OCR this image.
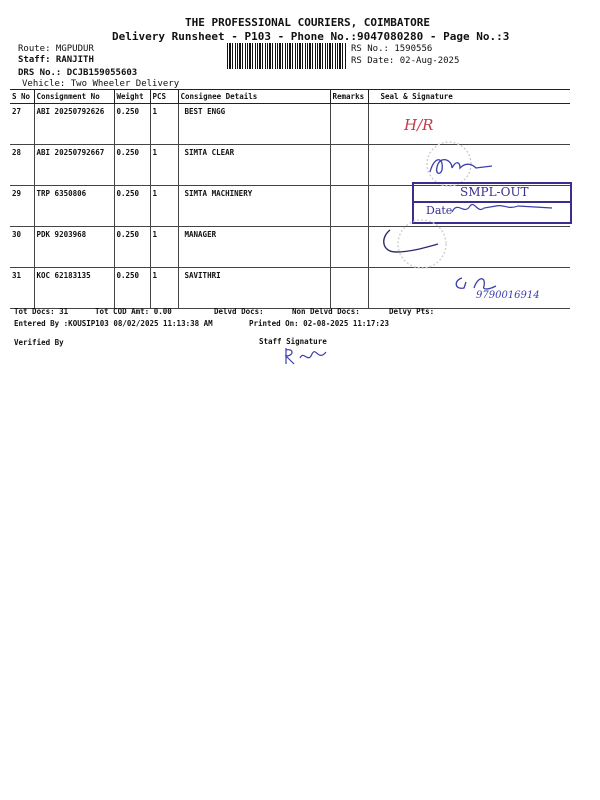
THE PROFESSIONAL COURIERS, COIMBATORE
Delivery Runsheet - P103 - Phone No.:9047080280 - Page No.:3
Route: MGPUDUR
Staff: RANJITH
DRS No.: DCJB159055603
Vehicle: Two Wheeler Delivery
RS No.: 1590556
RS Date: 02-Aug-2025
S No	Consignment No	Weight	PCS	Consignee Details	Remarks	Seal & Signature
27	ABI 20250792626	0.250	1	BEST ENGG		
28	ABI 20250792667	0.250	1	SIMTA CLEAR		
29	TRP 6350806	0.250	1	SIMTA MACHINERY		
30	PDK 9203968	0.250	1	MANAGER		
31	KOC 62183135	0.250	1	SAVITHRI		
H/R
SMPL-OUT
Date
9790016914
Tot Docs: 31	Tot COD Amt: 0.00	Delvd Docs:	Non Delvd Docs:	Delvy Pts:
Entered By :KOUSIP103 08/02/2025 11:13:38 AM	Printed On: 02-08-2025 11:17:23
Verified By	Staff Signature
